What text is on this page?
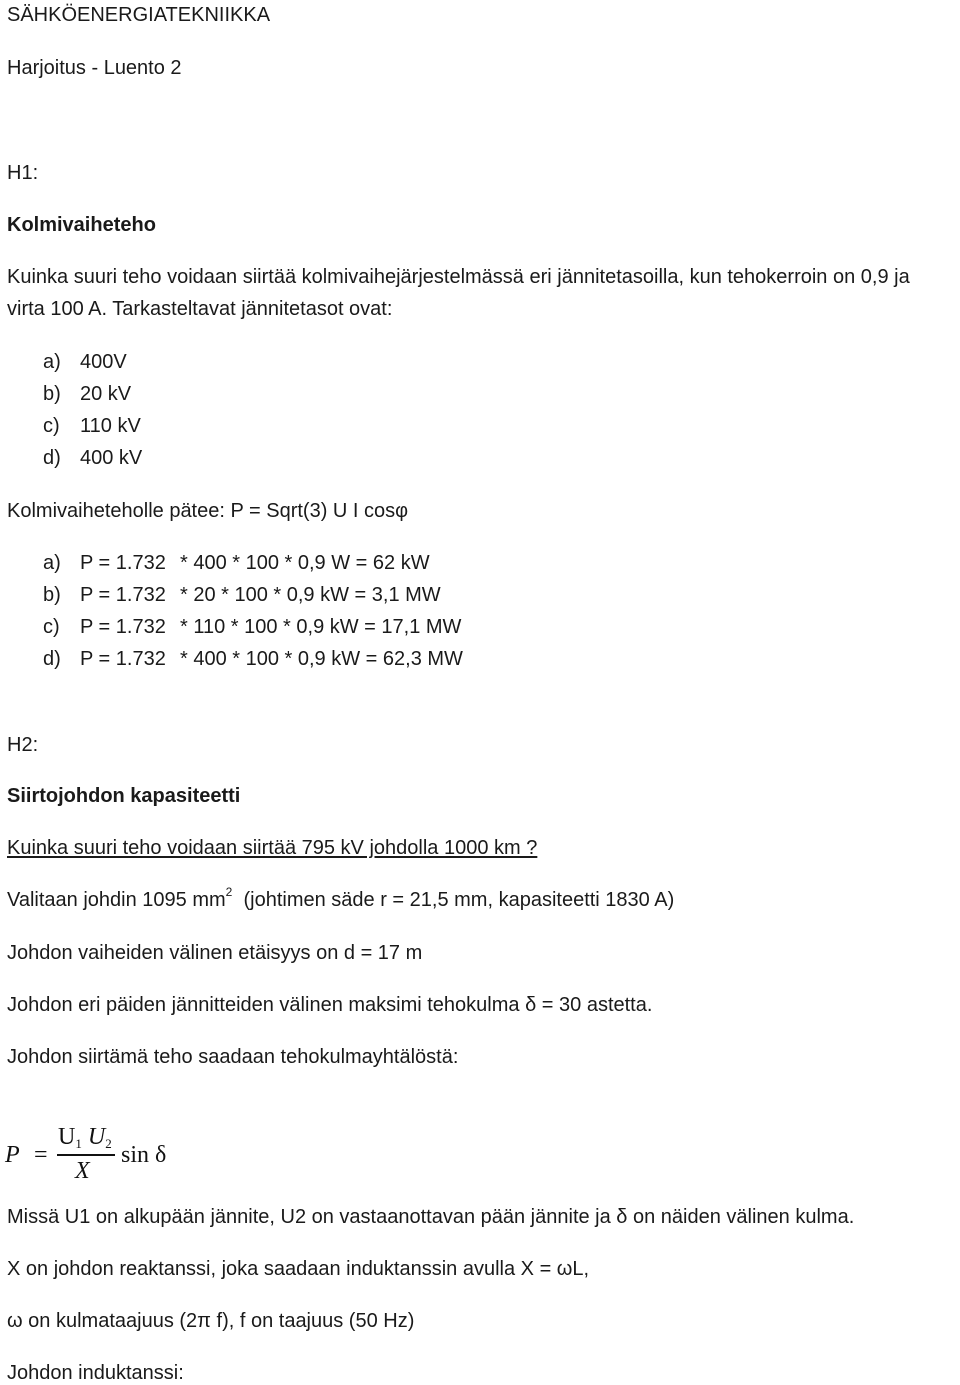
SÄHKÖENERGIATEKNIIKKA
Harjoitus - Luento 2
H1:
Kolmivaiheteho
Kuinka suuri teho voidaan siirtää kolmivaihejärjestelmässä eri jännitetasoilla, kun tehokerroin on 0,9 ja
virta 100 A. Tarkasteltavat jännitetasot ovat:
a) 400V
b) 20 kV
c) 110 kV
d) 400 kV
Kolmivaiheteholle pätee: P = Sqrt(3) U I cosφ
a) P = 1.732 * 400 * 100 * 0,9 W = 62 kW
b) P = 1.732 * 20 * 100 * 0,9 kW = 3,1 MW
c) P = 1.732 * 110 * 100 * 0,9 kW = 17,1 MW
d) P = 1.732 * 400 * 100 * 0,9 kW = 62,3 MW
H2:
Siirtojohdon kapasiteetti
Kuinka suuri teho voidaan siirtää 795 kV johdolla 1000 km ?
Valitaan johdin 1095 $mm^2$ (johtimen säde r = 21,5 mm, kapasiteetti 1830 A)
Johdon vaiheiden välinen etäisyys on d = 17 m
Johdon eri päiden jännitteiden välinen maksimi tehokulma δ = 30 astetta.
Johdon siirtämä teho saadaan tehokulmayhtälöstä:
P =
$U_1$ $U_2$
X
sin δ
Missä U1 on alkupään jännite, U2 on vastaanottavan pään jännite ja δ on näiden välinen kulma.
X on johdon reaktanssi, joka saadaan induktanssin avulla X = ωL,
ω on kulmataajuus (2π f), f on taajuus (50 Hz)
Johdon induktanssi:
